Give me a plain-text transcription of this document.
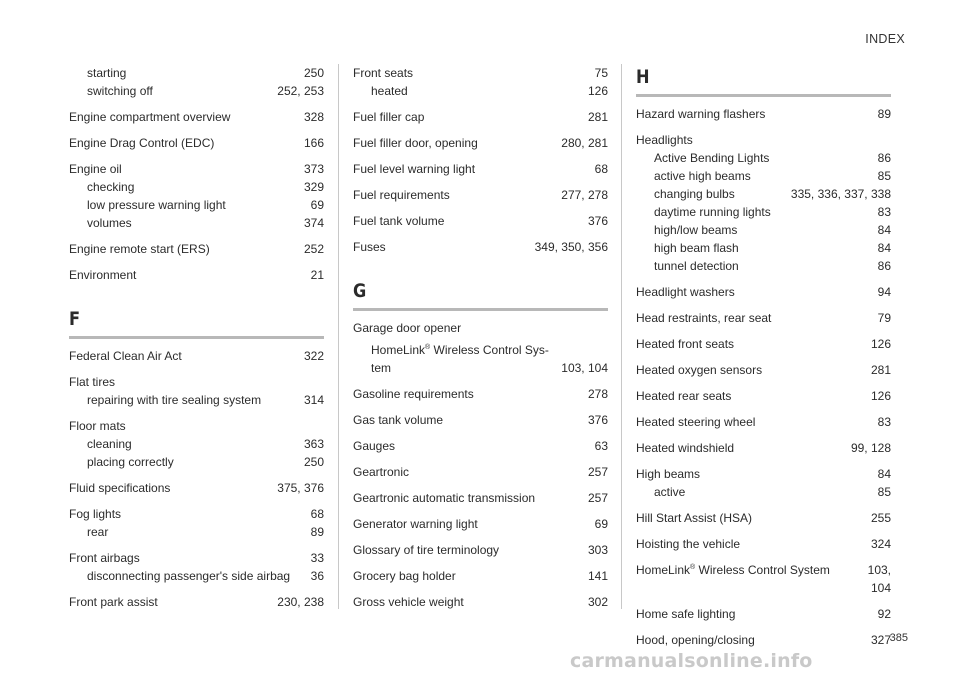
INDEX
starting	250
switching off	252, 253
Engine compartment overview	328
Engine Drag Control (EDC)	166
Engine oil	373
checking	329
low pressure warning light	69
volumes	374
Engine remote start (ERS)	252
Environment	21
F
Federal Clean Air Act	322
Flat tires
repairing with tire sealing system	314
Floor mats
cleaning	363
placing correctly	250
Fluid specifications	375, 376
Fog lights	68
rear	89
Front airbags	33
disconnecting passenger's side airbag	36
Front park assist	230, 238
Front seats	75
heated	126
Fuel filler cap	281
Fuel filler door, opening	280, 281
Fuel level warning light	68
Fuel requirements	277, 278
Fuel tank volume	376
Fuses	349, 350, 356
G
Garage door opener
HomeLink® Wireless Control Sys-
tem	103, 104
Gasoline requirements	278
Gas tank volume	376
Gauges	63
Geartronic	257
Geartronic automatic transmission	257
Generator warning light	69
Glossary of tire terminology	303
Grocery bag holder	141
Gross vehicle weight	302
H
Hazard warning flashers	89
Headlights
Active Bending Lights	86
active high beams	85
changing bulbs	335, 336, 337, 338
daytime running lights	83
high/low beams	84
high beam flash	84
tunnel detection	86
Headlight washers	94
Head restraints, rear seat	79
Heated front seats	126
Heated oxygen sensors	281
Heated rear seats	126
Heated steering wheel	83
Heated windshield	99, 128
High beams	84
active	85
Hill Start Assist (HSA)	255
Hoisting the vehicle	324
HomeLink® Wireless Control System	103,
104
Home safe lighting	92
Hood, opening/closing	327
385
carmanualsonline.info
